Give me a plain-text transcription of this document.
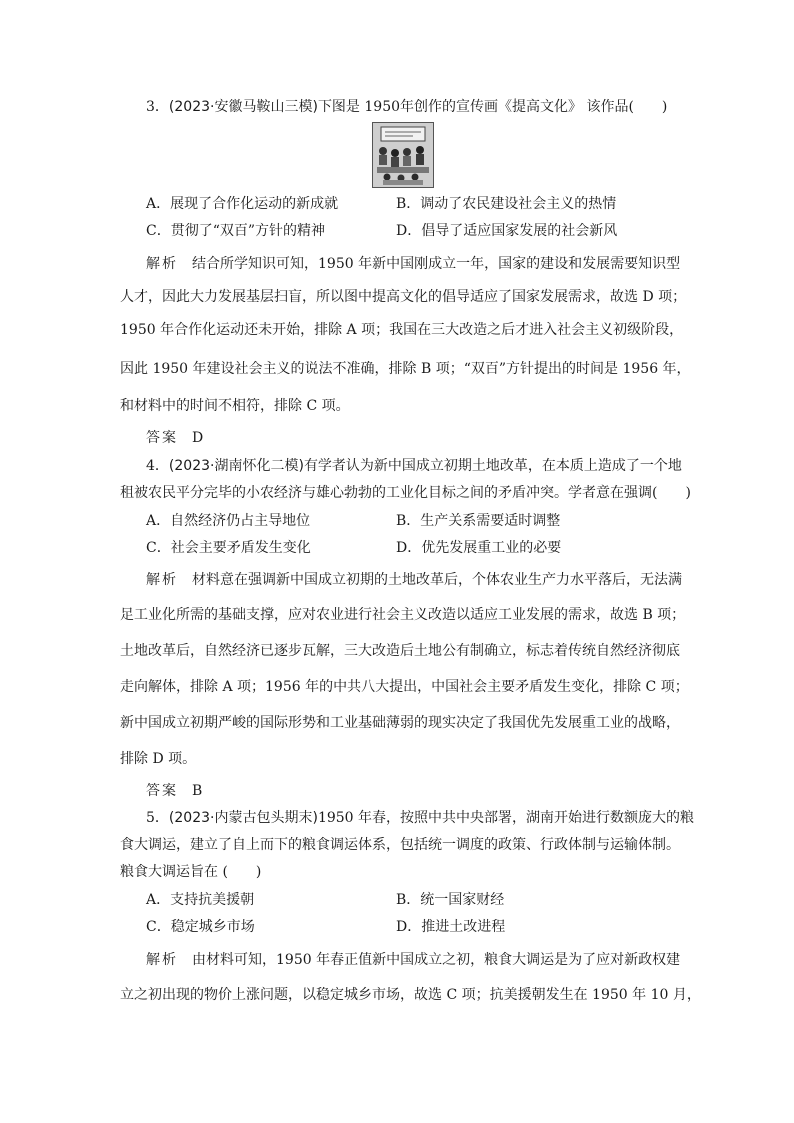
3．(2023·安徽马鞍山三模)下图是 1950年创作的宣传画《提高文化》 该作品(　　)
A．展现了合作化运动的新成就	B．调动了农民建设社会主义的热情
C．贯彻了“双百”方针的精神	D．倡导了适应国家发展的社会新风
解析 结合所学知识可知，1950 年新中国刚成立一年，国家的建设和发展需要知识型
人才，因此大力发展基层扫盲，所以图中提高文化的倡导适应了国家发展需求，故选 D 项；
1950 年合作化运动还未开始，排除 A 项；我国在三大改造之后才进入社会主义初级阶段，
因此 1950 年建设社会主义的说法不准确，排除 B 项；“双百”方针提出的时间是 1956 年，
和材料中的时间不相符，排除 C 项。
答案 D
4．(2023·湖南怀化二模)有学者认为新中国成立初期土地改革，在本质上造成了一个地
租被农民平分完毕的小农经济与雄心勃勃的工业化目标之间的矛盾冲突。学者意在强调(　　)
A．自然经济仍占主导地位	B．生产关系需要适时调整
C．社会主要矛盾发生变化	D．优先发展重工业的必要
解析 材料意在强调新中国成立初期的土地改革后，个体农业生产力水平落后，无法满
足工业化所需的基础支撑，应对农业进行社会主义改造以适应工业发展的需求，故选 B 项；
土地改革后，自然经济已逐步瓦解，三大改造后土地公有制确立，标志着传统自然经济彻底
走向解体，排除 A 项；1956 年的中共八大提出，中国社会主要矛盾发生变化，排除 C 项；
新中国成立初期严峻的国际形势和工业基础薄弱的现实决定了我国优先发展重工业的战略，
排除 D 项。
答案 B
5．(2023·内蒙古包头期末)1950 年春，按照中共中央部署，湖南开始进行数额庞大的粮
食大调运，建立了自上而下的粮食调运体系，包括统一调度的政策、行政体制与运输体制。
粮食大调运旨在 (　　)
A．支持抗美援朝	B．统一国家财经
C．稳定城乡市场	D．推进土改进程
解析 由材料可知，1950 年春正值新中国成立之初，粮食大调运是为了应对新政权建
立之初出现的物价上涨问题，以稳定城乡市场，故选 C 项；抗美援朝发生在 1950 年 10 月，
